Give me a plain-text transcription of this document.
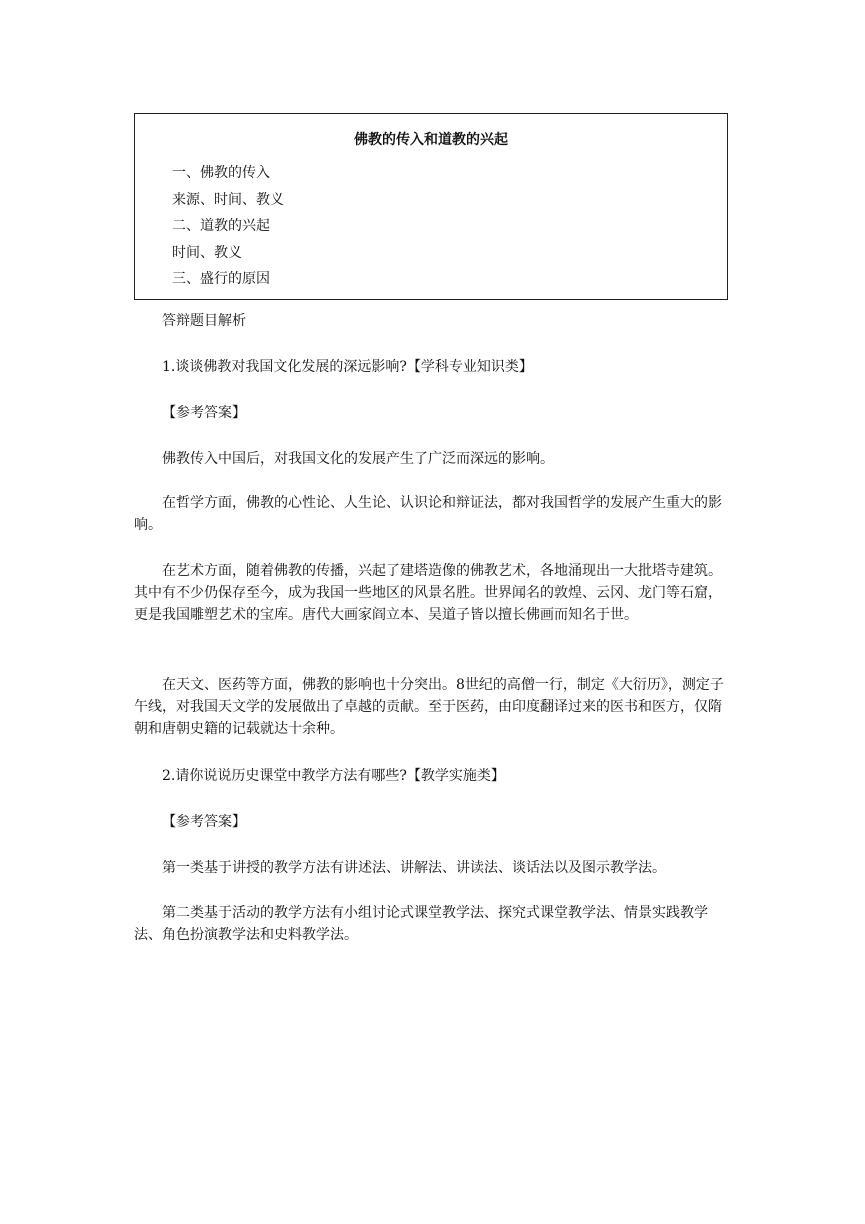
佛教的传入和道教的兴起

一、佛教的传入
来源、时间、教义
二、道教的兴起
时间、教义
三、盛行的原因

答辩题目解析

1.谈谈佛教对我国文化发展的深远影响?【学科专业知识类】

【参考答案】

佛教传入中国后，对我国文化的发展产生了广泛而深远的影响。

在哲学方面，佛教的心性论、人生论、认识论和辩证法，都对我国哲学的发展产生重大的影响。

在艺术方面，随着佛教的传播，兴起了建塔造像的佛教艺术，各地涌现出一大批塔寺建筑。其中有不少仍保存至今，成为我国一些地区的风景名胜。世界闻名的敦煌、云冈、龙门等石窟，更是我国雕塑艺术的宝库。唐代大画家阎立本、吴道子皆以擅长佛画而知名于世。

在天文、医药等方面，佛教的影响也十分突出。8世纪的高僧一行，制定《大衍历》，测定子午线，对我国天文学的发展做出了卓越的贡献。至于医药，由印度翻译过来的医书和医方，仅隋朝和唐朝史籍的记载就达十余种。

2.请你说说历史课堂中教学方法有哪些?【教学实施类】

【参考答案】

第一类基于讲授的教学方法有讲述法、讲解法、讲读法、谈话法以及图示教学法。

第二类基于活动的教学方法有小组讨论式课堂教学法、探究式课堂教学法、情景实践教学法、角色扮演教学法和史料教学法。
